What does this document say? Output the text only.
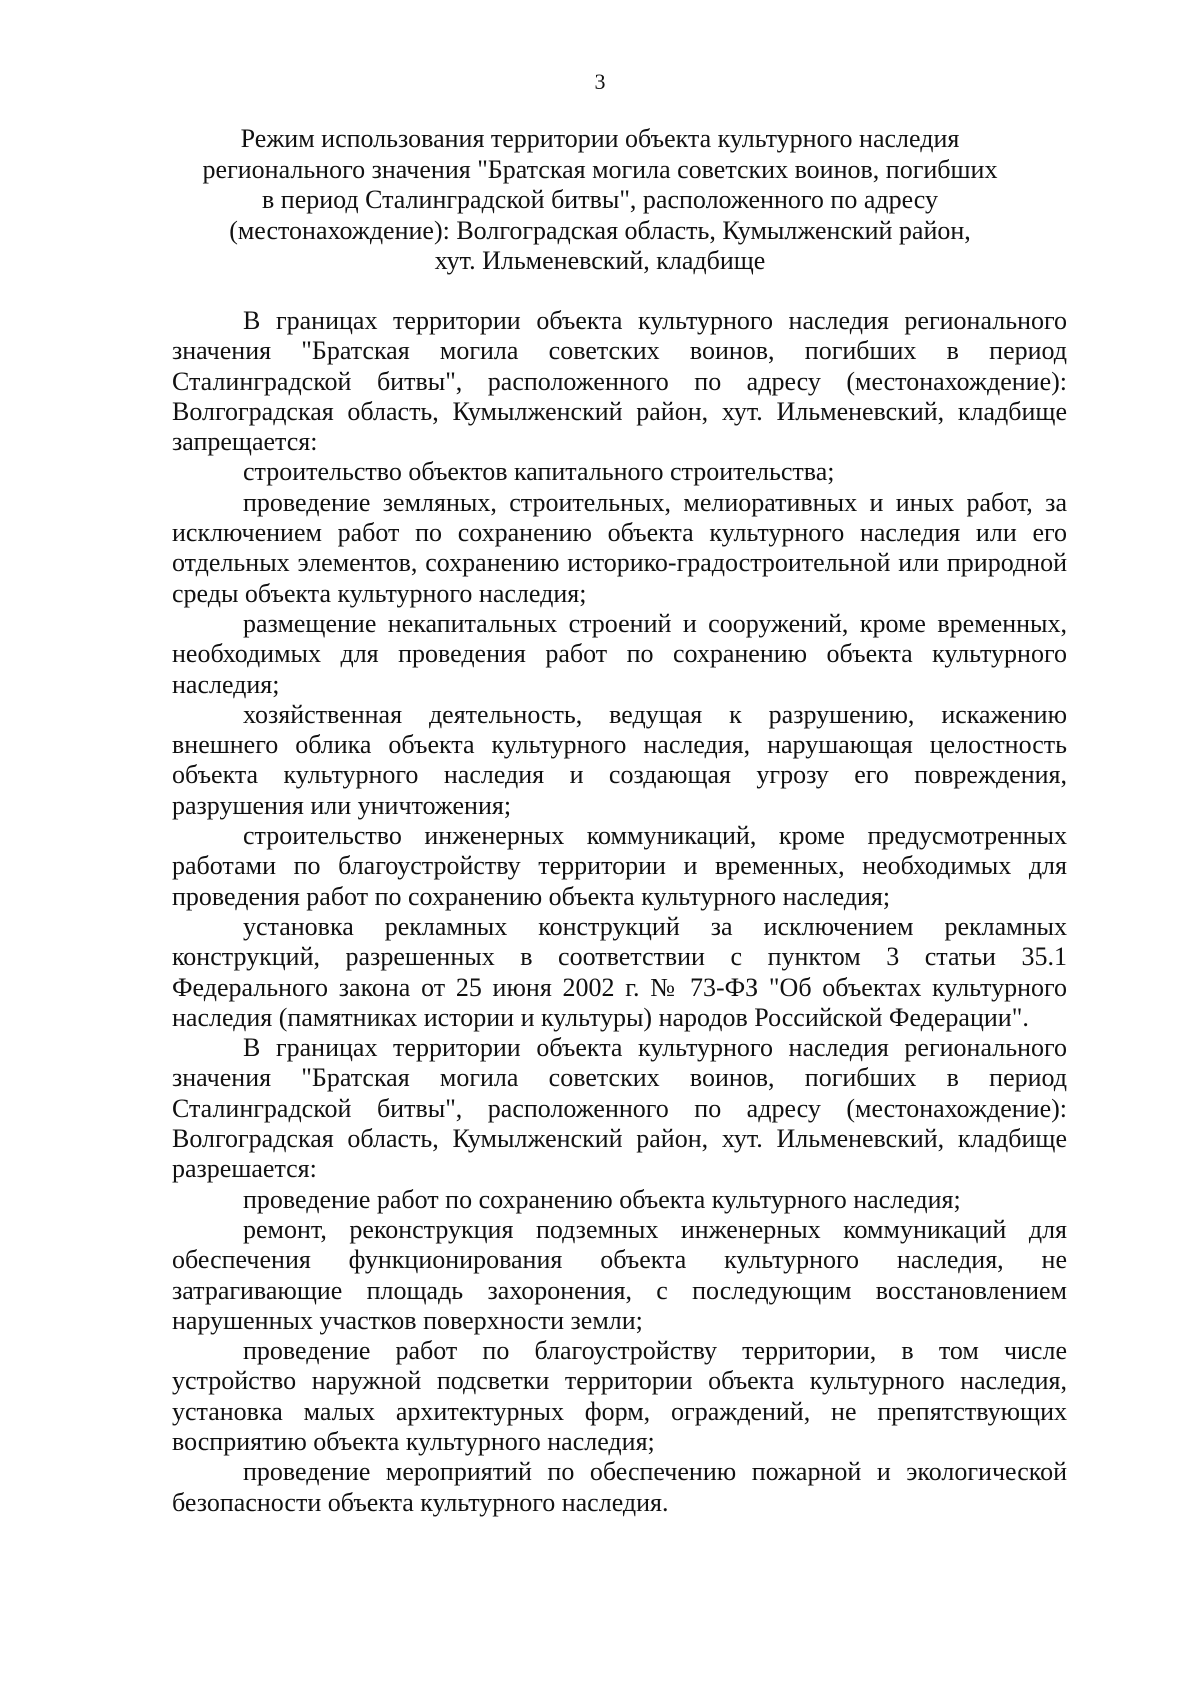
3
Режим использования территории объекта культурного наследия
регионального значения "Братская могила советских воинов, погибших
в период Сталинградской битвы", расположенного по адресу
(местонахождение): Волгоградская область, Кумылженский район,
хут. Ильменевский, кладбище

В границах территории объекта культурного наследия регионального значения "Братская могила советских воинов, погибших в период Сталинградской битвы", расположенного по адресу (местонахождение): Волгоградская область, Кумылженский район, хут. Ильменевский, кладбище запрещается:

строительство объектов капитального строительства;

проведение земляных, строительных, мелиоративных и иных работ, за исключением работ по сохранению объекта культурного наследия или его отдельных элементов, сохранению историко-градостроительной или природной среды объекта культурного наследия;

размещение некапитальных строений и сооружений, кроме временных, необходимых для проведения работ по сохранению объекта культурного наследия;

хозяйственная деятельность, ведущая к разрушению, искажению внешнего облика объекта культурного наследия, нарушающая целостность объекта культурного наследия и создающая угрозу его повреждения, разрушения или уничтожения;

строительство инженерных коммуникаций, кроме предусмотренных работами по благоустройству территории и временных, необходимых для проведения работ по сохранению объекта культурного наследия;

установка рекламных конструкций за исключением рекламных конструкций, разрешенных в соответствии с пунктом 3 статьи 35.1 Федерального закона от 25 июня 2002 г. № 73-ФЗ "Об объектах культурного наследия (памятниках истории и культуры) народов Российской Федерации".

В границах территории объекта культурного наследия регионального значения "Братская могила советских воинов, погибших в период Сталинградской битвы", расположенного по адресу (местонахождение): Волгоградская область, Кумылженский район, хут. Ильменевский, кладбище разрешается:

проведение работ по сохранению объекта культурного наследия;

ремонт, реконструкция подземных инженерных коммуникаций для обеспечения функционирования объекта культурного наследия, не затрагивающие площадь захоронения, с последующим восстановлением нарушенных участков поверхности земли;

проведение работ по благоустройству территории, в том числе устройство наружной подсветки территории объекта культурного наследия, установка малых архитектурных форм, ограждений, не препятствующих восприятию объекта культурного наследия;

проведение мероприятий по обеспечению пожарной и экологической безопасности объекта культурного наследия.
